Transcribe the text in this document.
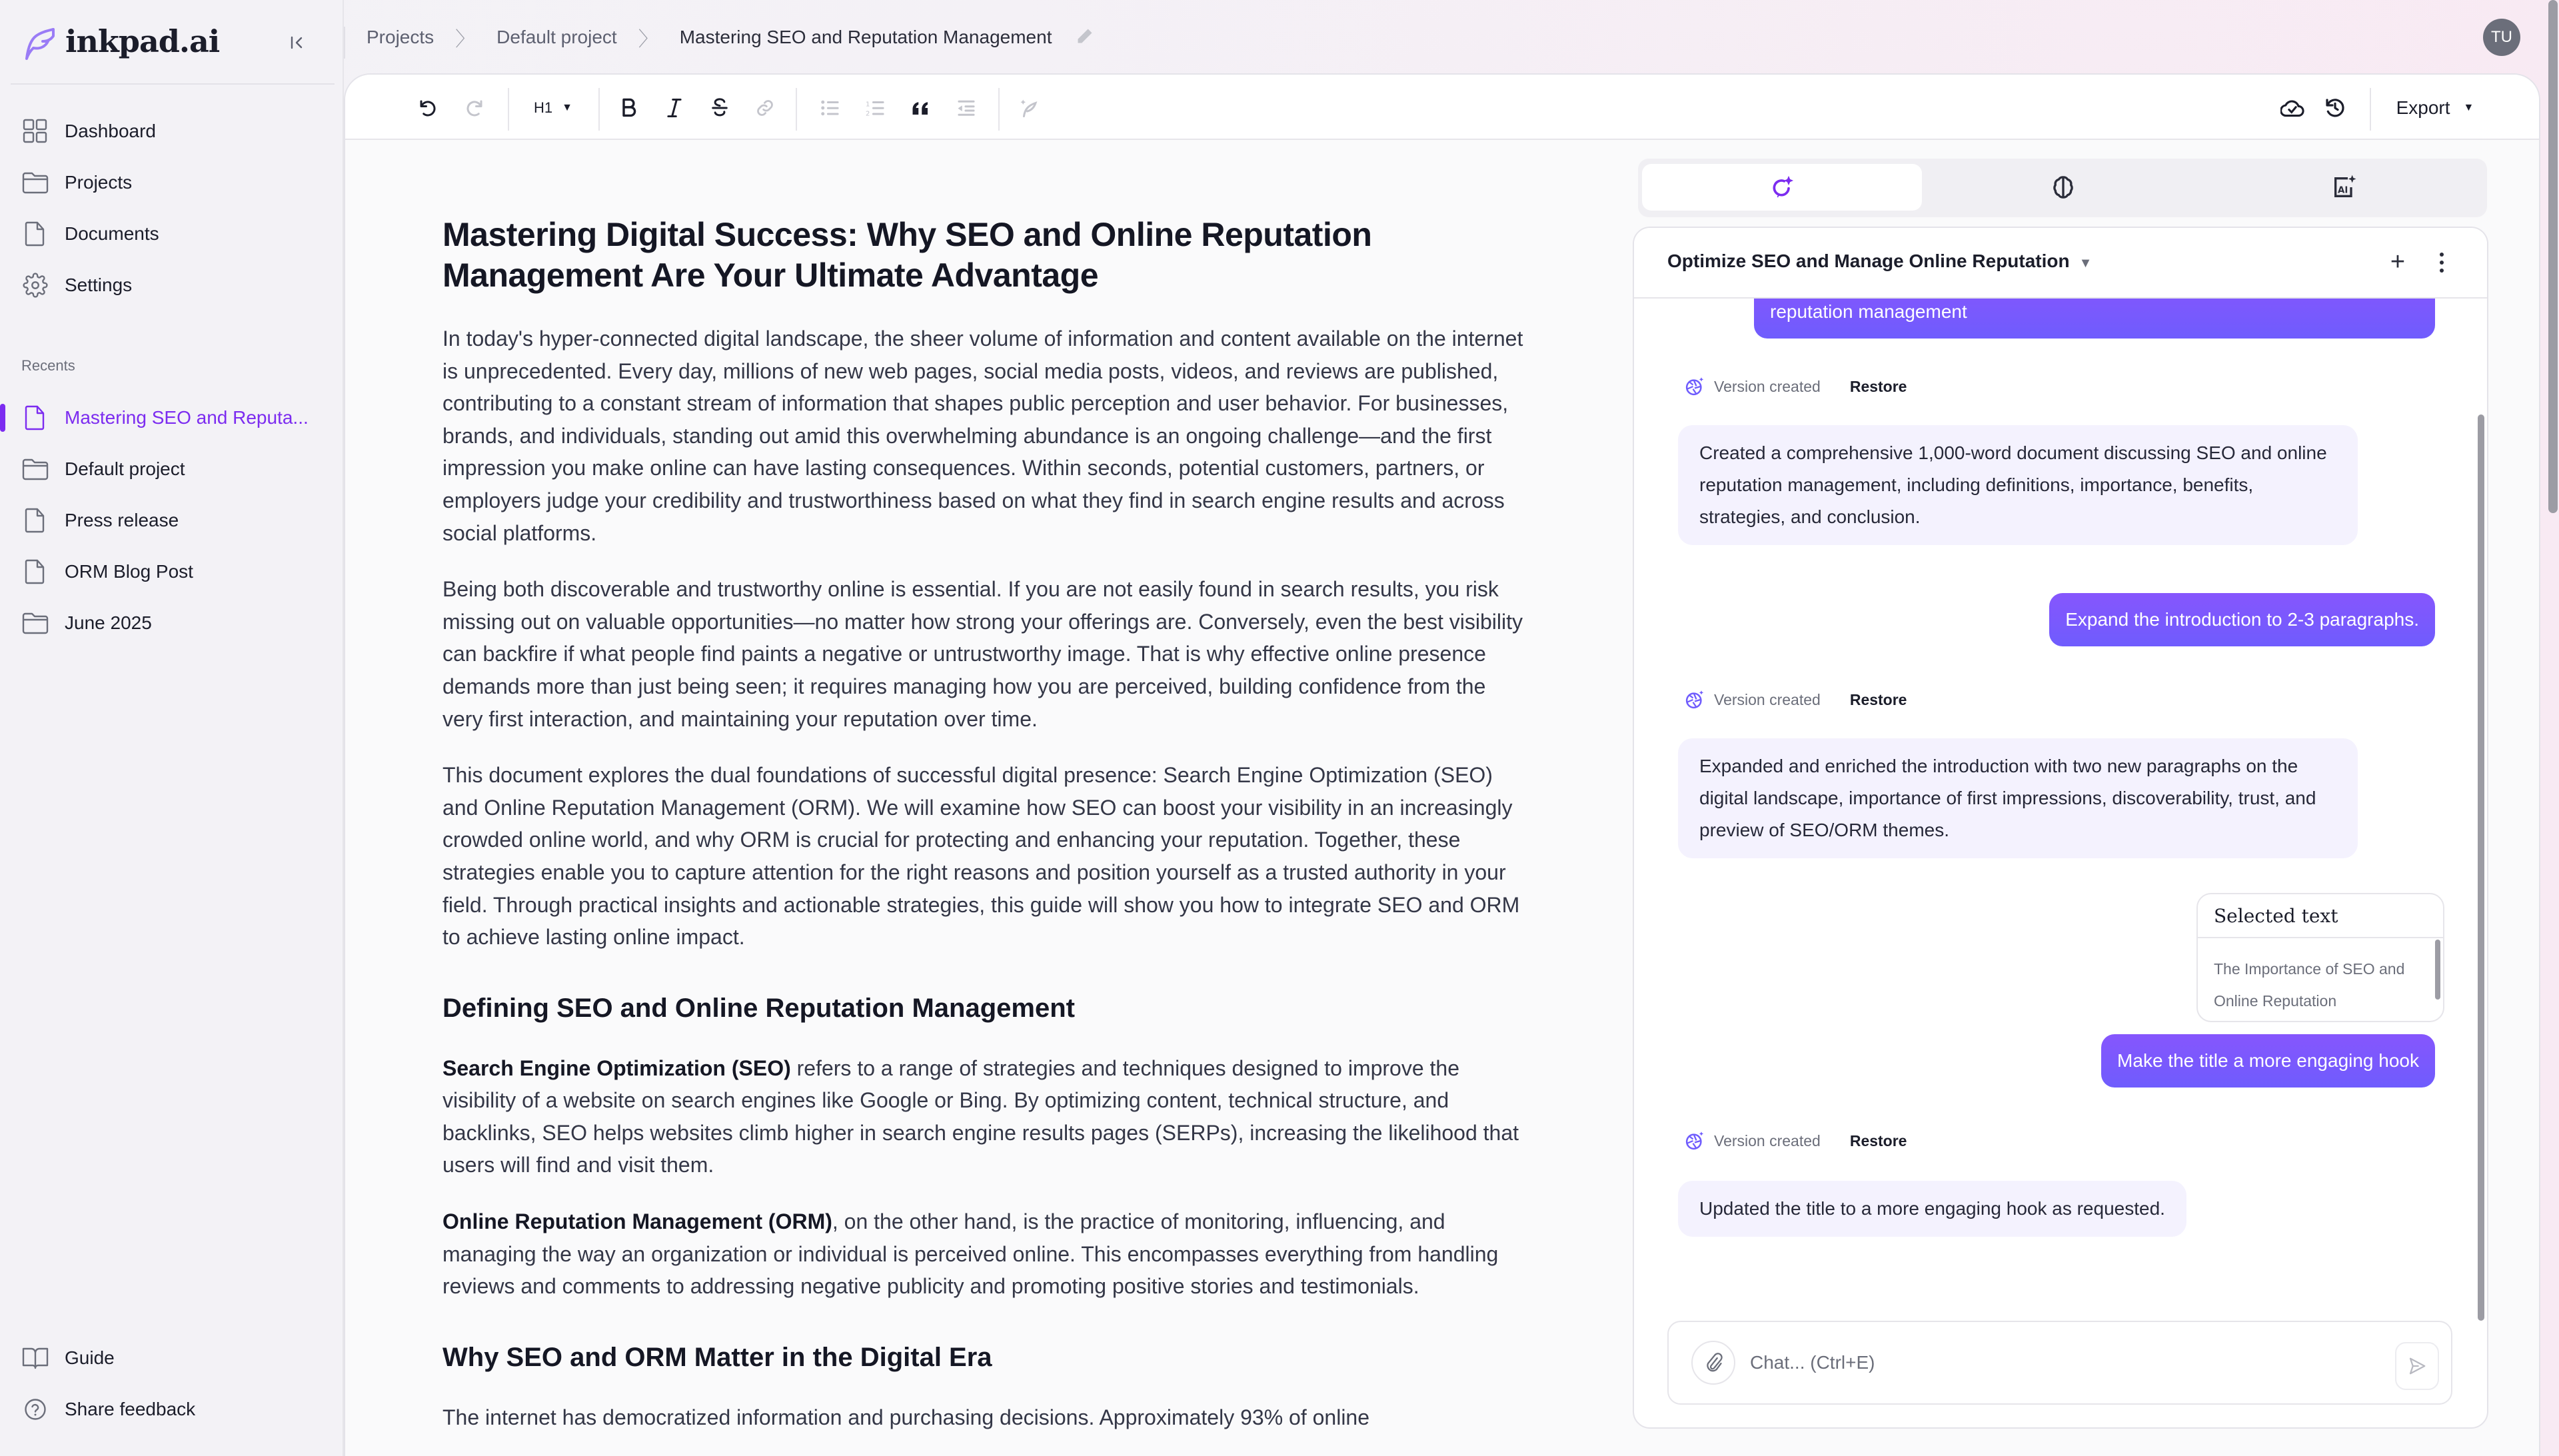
inkpad.ai
Dashboard
Projects
Documents
Settings
Recents
Mastering SEO and Reputa...
Default project
Press release
ORM Blog Post
June 2025
Guide
Share feedback
Projects 〉 Default project 〉 Mastering SEO and Reputation Management	TU
H1 ▼	1
2	Export ▼
Mastering Digital Success: Why SEO and Online Reputation Management Are Your Ultimate Advantage

In today's hyper-connected digital landscape, the sheer volume of information and content available on the internet is unprecedented. Every day, millions of new web pages, social media posts, videos, and reviews are published, contributing to a constant stream of information that shapes public perception and user behavior. For businesses, brands, and individuals, standing out amid this overwhelming abundance is an ongoing challenge—and the first impression you make online can have lasting consequences. Within seconds, potential customers, partners, or employers judge your credibility and trustworthiness based on what they find in search engine results and across social platforms.

Being both discoverable and trustworthy online is essential. If you are not easily found in search results, you risk missing out on valuable opportunities—no matter how strong your offerings are. Conversely, even the best visibility can backfire if what people find paints a negative or untrustworthy image. That is why effective online presence demands more than just being seen; it requires managing how you are perceived, building confidence from the very first interaction, and maintaining your reputation over time.

This document explores the dual foundations of successful digital presence: Search Engine Optimization (SEO) and Online Reputation Management (ORM). We will examine how SEO can boost your visibility in an increasingly crowded online world, and why ORM is crucial for protecting and enhancing your reputation. Together, these strategies enable you to capture attention for the right reasons and position yourself as a trusted authority in your field. Through practical insights and actionable strategies, this guide will show you how to integrate SEO and ORM to achieve lasting online impact.

Defining SEO and Online Reputation Management

Search Engine Optimization (SEO) refers to a range of strategies and techniques designed to improve the visibility of a website on search engines like Google or Bing. By optimizing content, technical structure, and backlinks, SEO helps websites climb higher in search engine results pages (SERPs), increasing the likelihood that users will find and visit them.

Online Reputation Management (ORM), on the other hand, is the practice of monitoring, influencing, and managing the way an organization or individual is perceived online. This encompasses everything from handling reviews and comments to addressing negative publicity and promoting positive stories and testimonials.

Why SEO and ORM Matter in the Digital Era

The internet has democratized information and purchasing decisions. Approximately 93% of online

AI
Optimize SEO and Manage Online Reputation ▼	+
reputation management
Version created Restore
Created a comprehensive 1,000-word document discussing SEO and online reputation management, including definitions, importance, benefits, strategies, and conclusion.
Expand the introduction to 2-3 paragraphs.
Version created Restore
Expanded and enriched the introduction with two new paragraphs on the digital landscape, importance of first impressions, discoverability, trust, and preview of SEO/ORM themes.
Make the title a more engaging hook
Version created Restore
Updated the title to a more engaging hook as requested.
Chat... (Ctrl+E)
Selected text
The Importance of SEO and Online Reputation
